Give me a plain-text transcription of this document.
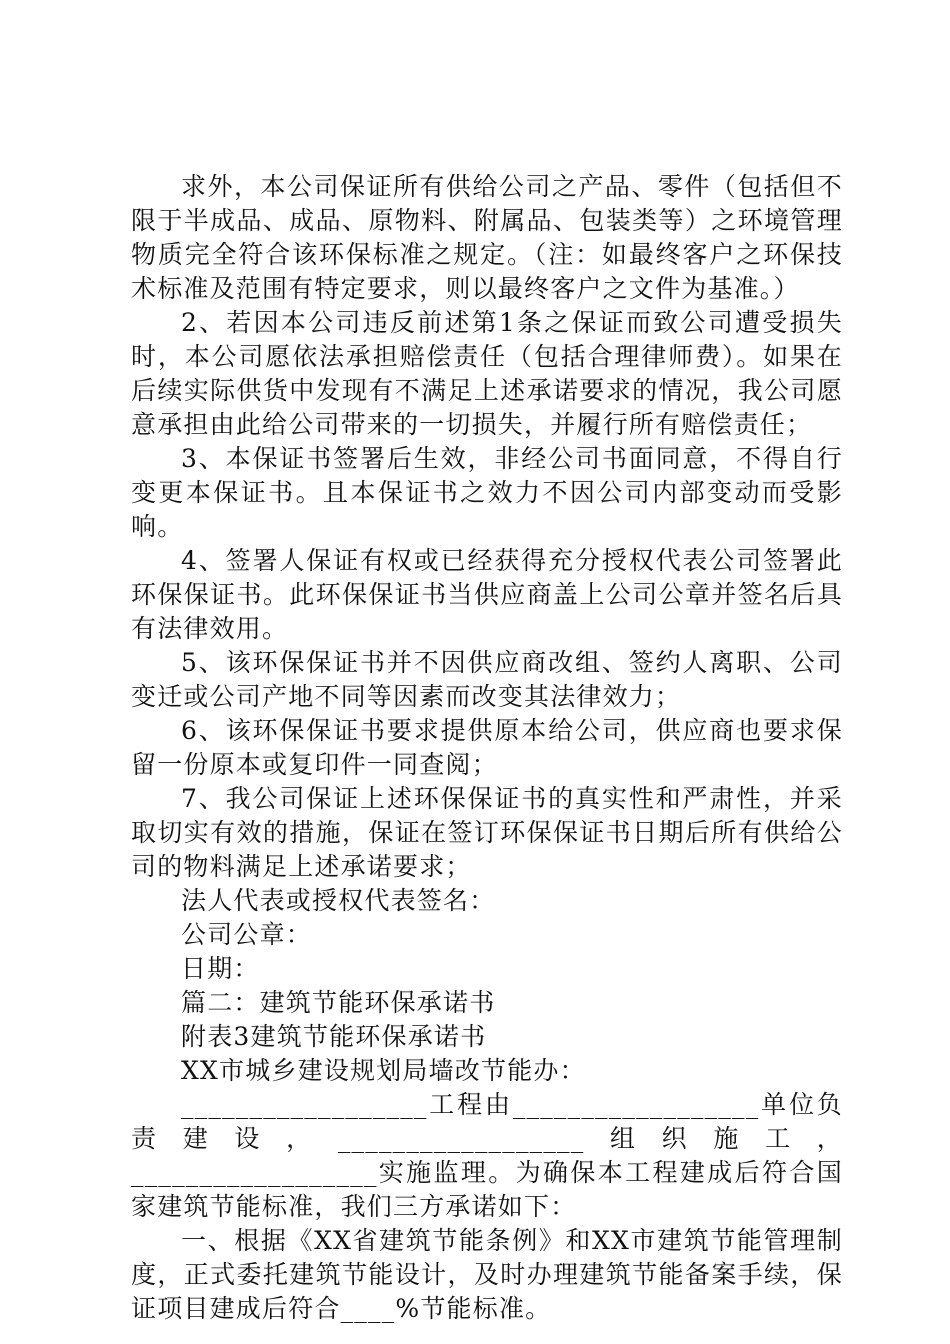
求外，本公司保证所有供给公司之产品、零件（包括但不限于半成品、成品、原物料、附属品、包装类等）之环境管理物质完全符合该环保标准之规定。（注：如最终客户之环保技术标准及范围有特定要求，则以最终客户之文件为基准。）

2、若因本公司违反前述第1条之保证而致公司遭受损失时，本公司愿依法承担赔偿责任（包括合理律师费）。如果在后续实际供货中发现有不满足上述承诺要求的情况，我公司愿意承担由此给公司带来的一切损失，并履行所有赔偿责任；

3、本保证书签署后生效，非经公司书面同意，不得自行变更本保证书。且本保证书之效力不因公司内部变动而受影响。

4、签署人保证有权或已经获得充分授权代表公司签署此环保保证书。此环保保证书当供应商盖上公司公章并签名后具有法律效用。

5、该环保保证书并不因供应商改组、签约人离职、公司变迁或公司产地不同等因素而改变其法律效力；

6、该环保保证书要求提供原本给公司，供应商也要求保留一份原本或复印件一同查阅；

7、我公司保证上述环保保证书的真实性和严肃性，并采取切实有效的措施，保证在签订环保保证书日期后所有供给公司的物料满足上述承诺要求；

法人代表或授权代表签名：

公司公章：

日期：

篇二：建筑节能环保承诺书

附表3建筑节能环保承诺书

XX市城乡建设规划局墙改节能办：

__________________工程由__________________单位负责建设，__________________组织施工，__________________实施监理。为确保本工程建成后符合国家建筑节能标准，我们三方承诺如下：

一、根据《XX省建筑节能条例》和XX市建筑节能管理制度，正式委托建筑节能设计，及时办理建筑节能备案手续，保证项目建成后符合____%节能标准。
